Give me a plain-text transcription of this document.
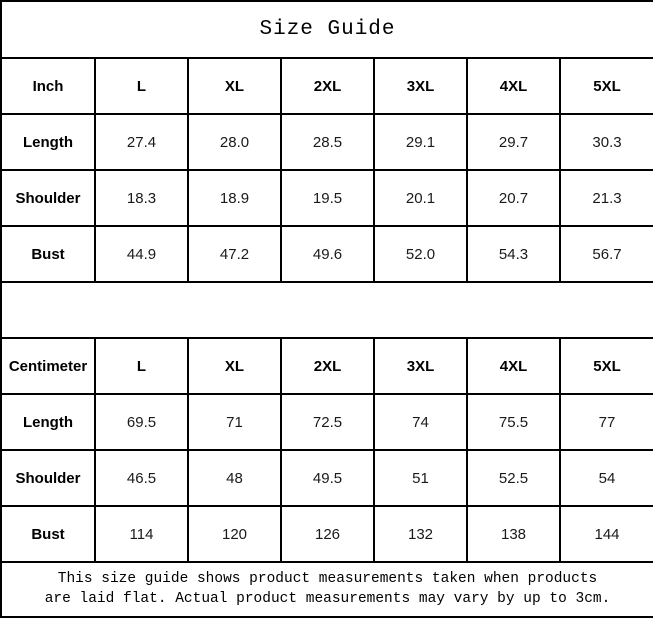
Size Guide						
Inch	L	XL	2XL	3XL	4XL	5XL
Length	27.4	28.0	28.5	29.1	29.7	30.3
Shoulder	18.3	18.9	19.5	20.1	20.7	21.3
Bust	44.9	47.2	49.6	52.0	54.3	56.7

Centimeter	L	XL	2XL	3XL	4XL	5XL
Length	69.5	71	72.5	74	75.5	77
Shoulder	46.5	48	49.5	51	52.5	54
Bust	114	120	126	132	138	144

This size guide shows product measurements taken when products
are laid flat. Actual product measurements may vary by up to 3cm.						
